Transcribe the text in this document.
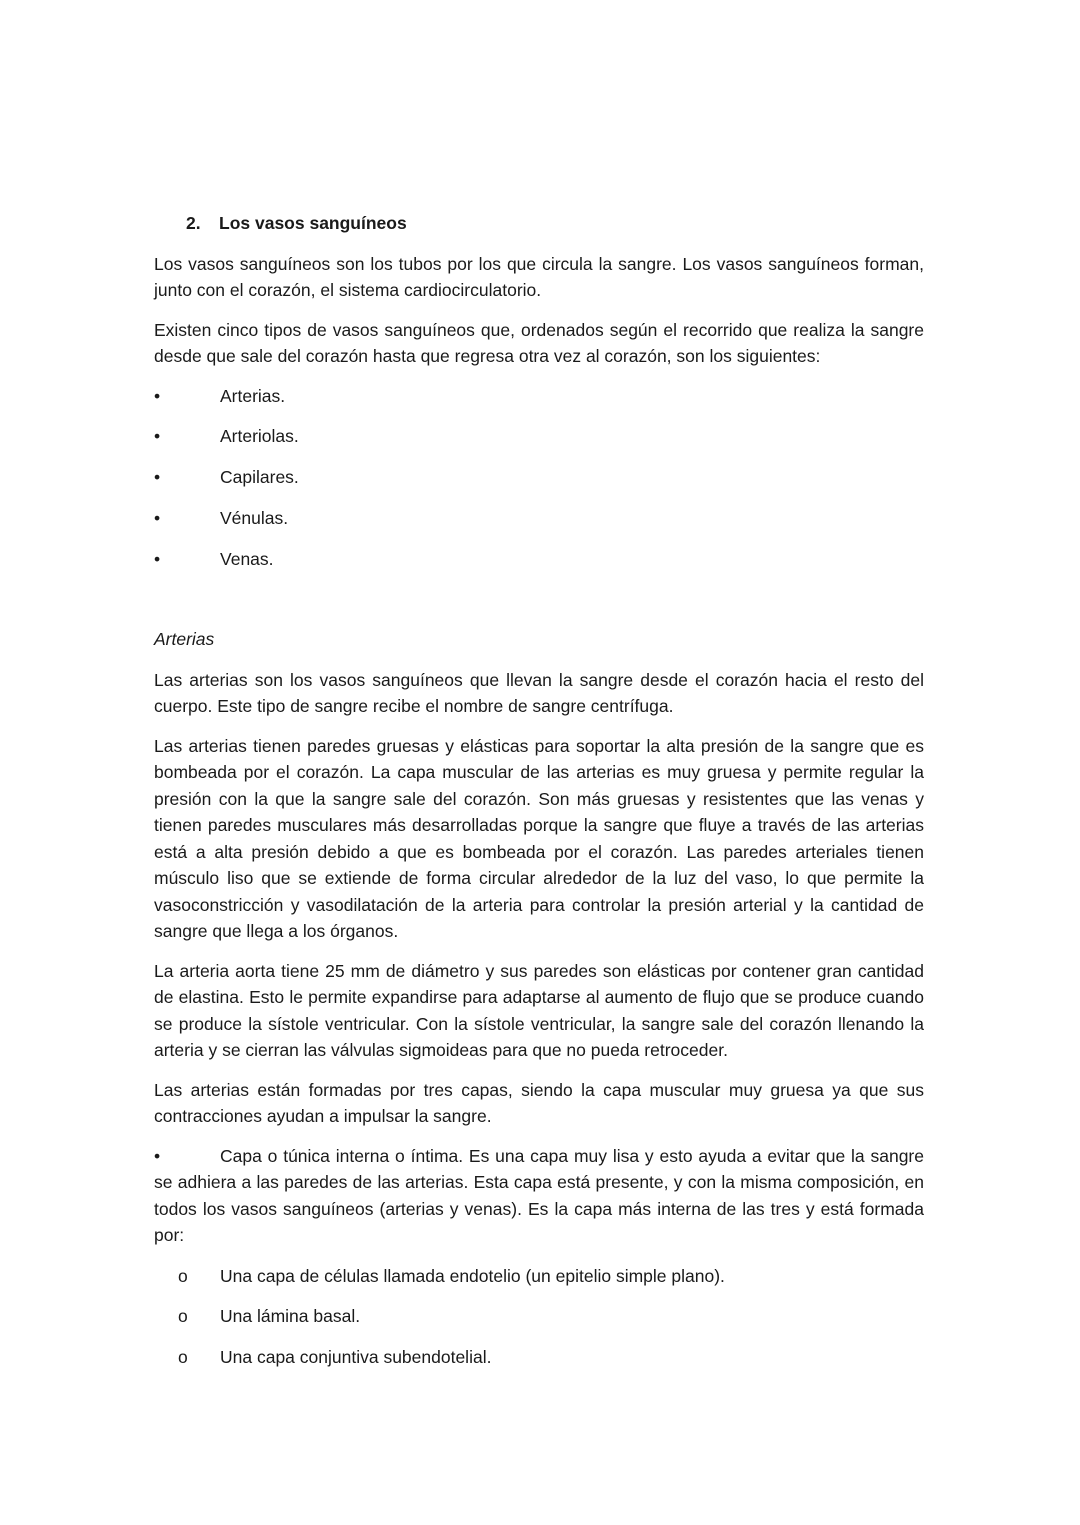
2.	Los vasos sanguíneos

Los vasos sanguíneos son los tubos por los que circula la sangre. Los vasos sanguíneos forman, junto con el corazón, el sistema cardiocirculatorio.

Existen cinco tipos de vasos sanguíneos que, ordenados según el recorrido que realiza la sangre desde que sale del corazón hasta que regresa otra vez al corazón, son los siguientes:

•	Arterias.
•	Arteriolas.
•	Capilares.
•	Vénulas.
•	Venas.
Arterias

Las arterias son los vasos sanguíneos que llevan la sangre desde el corazón hacia el resto del cuerpo. Este tipo de sangre recibe el nombre de sangre centrífuga.

Las arterias tienen paredes gruesas y elásticas para soportar la alta presión de la sangre que es bombeada por el corazón. La capa muscular de las arterias es muy gruesa y permite regular la presión con la que la sangre sale del corazón. Son más gruesas y resistentes que las venas y tienen paredes musculares más desarrolladas porque la sangre que fluye a través de las arterias está a alta presión debido a que es bombeada por el corazón. Las paredes arteriales tienen músculo liso que se extiende de forma circular alrededor de la luz del vaso, lo que permite la vasoconstricción y vasodilatación de la arteria para controlar la presión arterial y la cantidad de sangre que llega a los órganos.

La arteria aorta tiene 25 mm de diámetro y sus paredes son elásticas por contener gran cantidad de elastina. Esto le permite expandirse para adaptarse al aumento de flujo que se produce cuando se produce la sístole ventricular. Con la sístole ventricular, la sangre sale del corazón llenando la arteria y se cierran las válvulas sigmoideas para que no pueda retroceder.

Las arterias están formadas por tres capas, siendo la capa muscular muy gruesa ya que sus contracciones ayudan a impulsar la sangre.

•	Capa o túnica interna o íntima. Es una capa muy lisa y esto ayuda a evitar que la sangre se adhiera a las paredes de las arterias. Esta capa está presente, y con la misma composición, en todos los vasos sanguíneos (arterias y venas). Es la capa más interna de las tres y está formada por:
o Una capa de células llamada endotelio (un epitelio simple plano).
o Una lámina basal.
o Una capa conjuntiva subendotelial.
